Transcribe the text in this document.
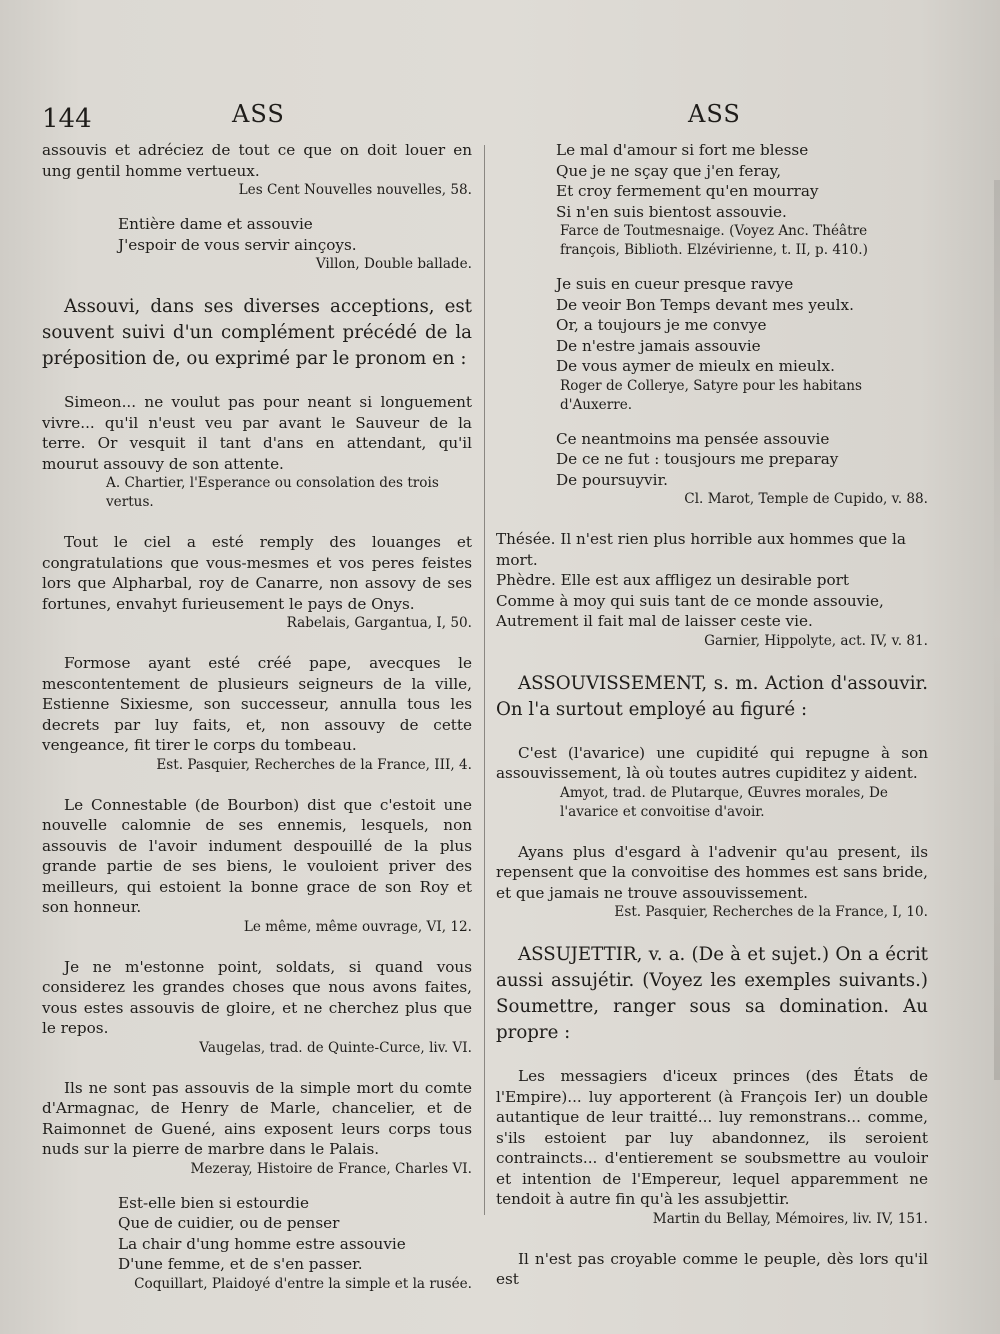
144	ASS	ASS

assouvis et adréciez de tout ce que on doit louer en ung gentil homme vertueux.

Les Cent Nouvelles nouvelles, 58.

Entière dame et assouvie
J'espoir de vous servir ainçoys.

Villon, Double ballade.

Assouvi, dans ses diverses acceptions, est souvent suivi d'un complément précédé de la préposition de, ou exprimé par le pronom en :

Simeon... ne voulut pas pour neant si longuement vivre... qu'il n'eust veu par avant le Sauveur de la terre. Or vesquit il tant d'ans en attendant, qu'il mourut assouvy de son attente.

A. Chartier, l'Esperance ou consolation des trois vertus.

Tout le ciel a esté remply des louanges et congratulations que vous-mesmes et vos peres feistes lors que Alpharbal, roy de Canarre, non assovy de ses fortunes, envahyt furieusement le pays de Onys.

Rabelais, Gargantua, I, 50.

Formose ayant esté créé pape, avecques le mescontentement de plusieurs seigneurs de la ville, Estienne Sixiesme, son successeur, annulla tous les decrets par luy faits, et, non assouvy de cette vengeance, fit tirer le corps du tombeau.

Est. Pasquier, Recherches de la France, III, 4.

Le Connestable (de Bourbon) dist que c'estoit une nouvelle calomnie de ses ennemis, lesquels, non assouvis de l'avoir indument despouillé de la plus grande partie de ses biens, le vouloient priver des meilleurs, qui estoient la bonne grace de son Roy et son honneur.

Le même, même ouvrage, VI, 12.

Je ne m'estonne point, soldats, si quand vous considerez les grandes choses que nous avons faites, vous estes assouvis de gloire, et ne cherchez plus que le repos.

Vaugelas, trad. de Quinte-Curce, liv. VI.

Ils ne sont pas assouvis de la simple mort du comte d'Armagnac, de Henry de Marle, chancelier, et de Raimonnet de Guené, ains exposent leurs corps tous nuds sur la pierre de marbre dans le Palais.

Mezeray, Histoire de France, Charles VI.

Est-elle bien si estourdie
Que de cuidier, ou de penser
La chair d'ung homme estre assouvie
D'une femme, et de s'en passer.

Coquillart, Plaidoyé d'entre la simple et la rusée.

Le mal d'amour si fort me blesse
Que je ne sçay que j'en feray,
Et croy fermement qu'en mourray
Si n'en suis bientost assouvie.

Farce de Toutmesnaige. (Voyez Anc. Théâtre françois, Biblioth. Elzévirienne, t. II, p. 410.)

Je suis en cueur presque ravye
De veoir Bon Temps devant mes yeulx.
Or, a toujours je me convye
De n'estre jamais assouvie
De vous aymer de mieulx en mieulx.

Roger de Collerye, Satyre pour les habitans d'Auxerre.

Ce neantmoins ma pensée assouvie
De ce ne fut : tousjours me preparay
De poursuyvir.

Cl. Marot, Temple de Cupido, v. 88.

Thésée. Il n'est rien plus horrible aux hommes que la mort.
Phèdre. Elle est aux affligez un desirable port
Comme à moy qui suis tant de ce monde assouvie,
Autrement il fait mal de laisser ceste vie.

Garnier, Hippolyte, act. IV, v. 81.

ASSOUVISSEMENT, s. m. Action d'assouvir. On l'a surtout employé au figuré :

C'est (l'avarice) une cupidité qui repugne à son assouvissement, là où toutes autres cupiditez y aident.

Amyot, trad. de Plutarque, Œuvres morales, De l'avarice et convoitise d'avoir.

Ayans plus d'esgard à l'advenir qu'au present, ils repensent que la convoitise des hommes est sans bride, et que jamais ne trouve assouvissement.

Est. Pasquier, Recherches de la France, I, 10.

ASSUJETTIR, v. a. (De à et sujet.) On a écrit aussi assujétir. (Voyez les exemples suivants.) Soumettre, ranger sous sa domination. Au propre :

Les messagiers d'iceux princes (des États de l'Empire)... luy apporterent (à François Ier) un double autantique de leur traitté... luy remonstrans... comme, s'ils estoient par luy abandonnez, ils seroient contraincts... d'entierement se soubsmettre au vouloir et intention de l'Empereur, lequel apparemment ne tendoit à autre fin qu'à les assubjettir.

Martin du Bellay, Mémoires, liv. IV, 151.

Il n'est pas croyable comme le peuple, dès lors qu'il est
